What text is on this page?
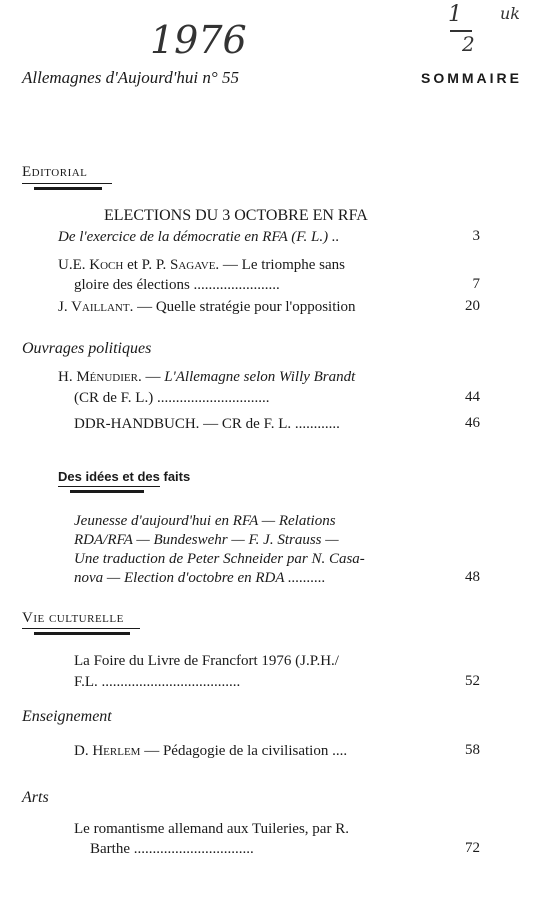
1976
1
2
uk
Allemagnes d'Aujourd'hui n° 55	SOMMAIRE
Editorial
ELECTIONS DU 3 OCTOBRE EN RFA
De l'exercice de la démocratie en RFA (F. L.) ..	3
U.E. Koch et P. P. Sagave. — Le triomphe sans
gloire des élections .......................	7
J. Vaillant. — Quelle stratégie pour l'opposition	20
Ouvrages politiques
H. Ménudier. — L'Allemagne selon Willy Brandt
(CR de F. L.) ..............................	44
DDR-HANDBUCH. — CR de F. L. ............	46
Des idées et des faits
Jeunesse d'aujourd'hui en RFA — Relations
RDA/RFA — Bundeswehr — F. J. Strauss —
Une traduction de Peter Schneider par N. Casa-
nova — Election d'octobre en RDA ..........	48
Vie culturelle
La Foire du Livre de Francfort 1976 (J.P.H./
F.L. .....................................	52
Enseignement
D. Herlem — Pédagogie de la civilisation ....	58
Arts
Le romantisme allemand aux Tuileries, par R.
Barthe ................................	72
